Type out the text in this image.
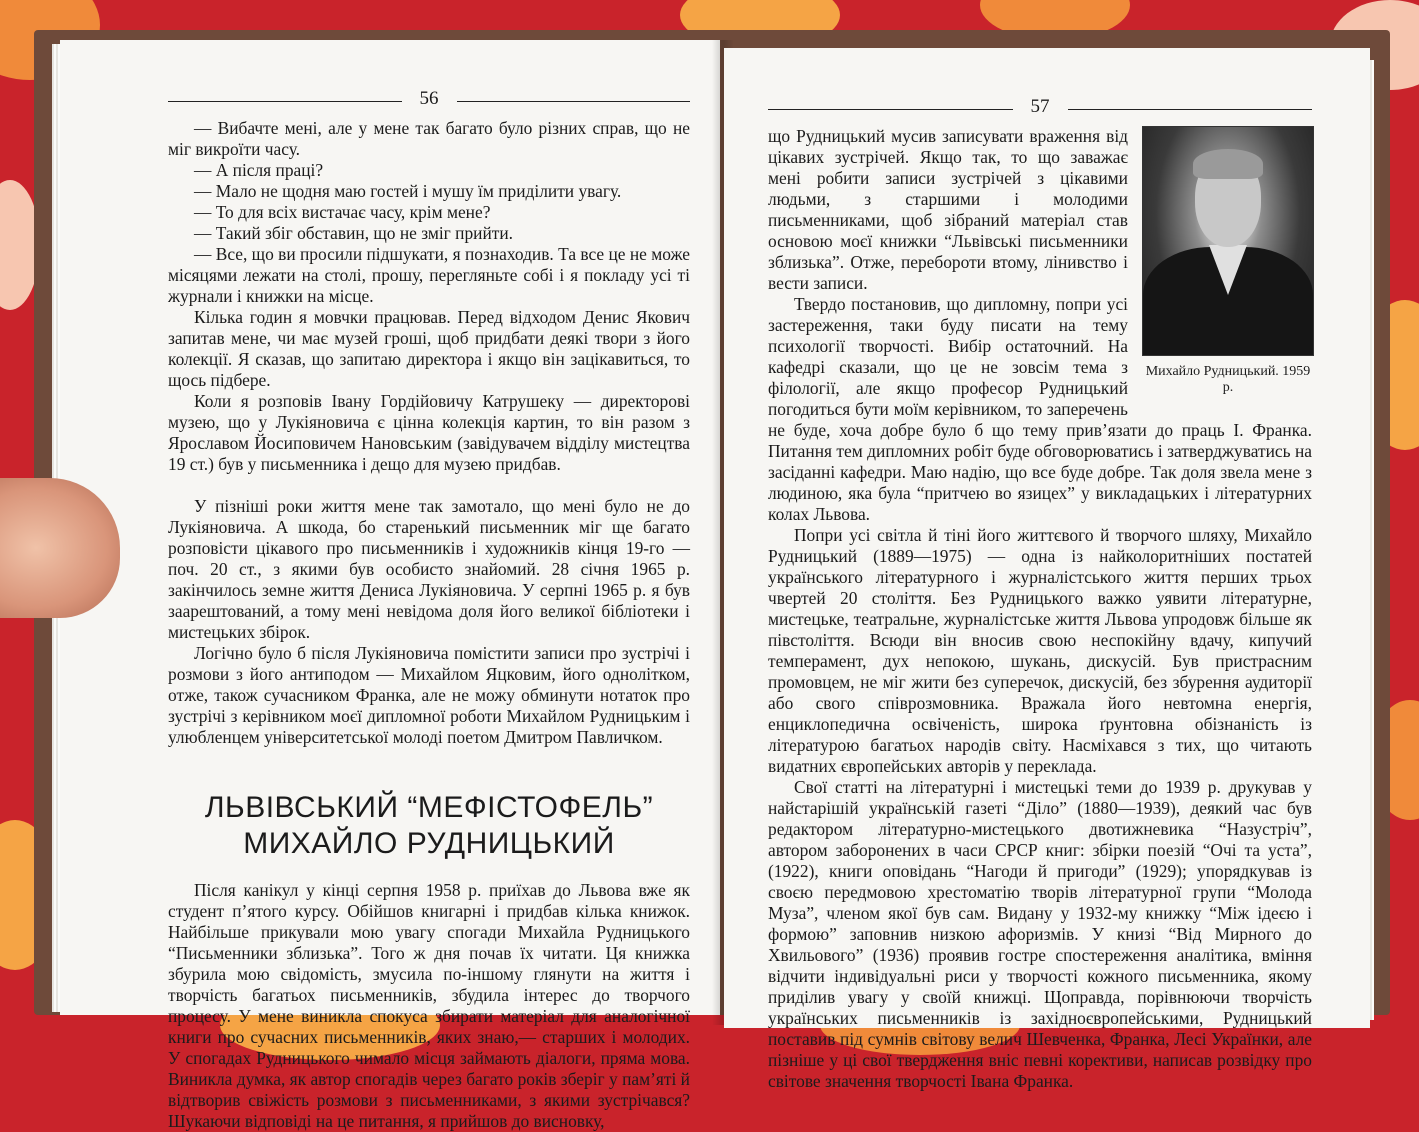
56

— Вибачте мені, але у мене так багато було різних справ, що не міг викроїти часу.

— А після праці?

— Мало не щодня маю гостей і мушу їм приділити увагу.

— То для всіх вистачає часу, крім мене?

— Такий збіг обставин, що не зміг прийти.

— Все, що ви просили підшукати, я познаходив. Та все це не може місяцями лежати на столі, прошу, перегляньте собі і я покладу усі ті журнали і книжки на місце.

Кілька годин я мовчки працював. Перед відходом Денис Якович запитав мене, чи має музей гроші, щоб придбати деякі твори з його колекції. Я сказав, що запитаю директора і якщо він зацікавиться, то щось підбере.

Коли я розповів Івану Гордійовичу Катрушеку — директорові музею, що у Лукіяновича є цінна колекція картин, то він разом з Ярославом Йосиповичем Нановським (завідувачем відділу мистецтва 19 ст.) був у письменника і дещо для музею придбав.

У пізніші роки життя мене так замотало, що мені було не до Лукіяновича. А шкода, бо старенький письменник міг ще багато розповісти цікавого про письменників і художників кінця 19-го — поч. 20 ст., з якими був особисто знайомий. 28 січня 1965 р. закінчилось земне життя Дениса Лукіяновича. У серпні 1965 р. я був заарештований, а тому мені невідома доля його великої бібліотеки і мистецьких збірок.

Логічно було б після Лукіяновича помістити записи про зустрічі і розмови з його антиподом — Михайлом Яцковим, його однолітком, отже, також сучасником Франка, але не можу обминути нотаток про зустрічі з керівником моєї дипломної роботи Михайлом Рудницьким і улюбленцем університетської молоді поетом Дмитром Павличком.

ЛЬВІВСЬКИЙ “МЕФІСТОФЕЛЬ”
МИХАЙЛО РУДНИЦЬКИЙ

Після канікул у кінці серпня 1958 р. приїхав до Львова вже як студент п’ятого курсу. Обійшов книгарні і придбав кілька книжок. Найбільше прикували мою увагу спогади Михайла Рудницького “Письменники зблизька”. Того ж дня почав їх читати. Ця книжка збурила мою свідомість, змусила по-іншому глянути на життя і творчість багатьох письменників, збудила інтерес до творчого процесу. У мене виникла спокуса збирати матеріал для аналогічної книги про сучасних письменників, яких знаю,— старших і молодих. У спогадах Рудницького чимало місця займають діалоги, пряма мова. Виникла думка, як автор спогадів через багато років зберіг у пам’яті й відтворив свіжість розмови з письменниками, з якими зустрічався? Шукаючи відповіді на це питання, я прийшов до висновку,

57
Михайло Рудницький. 1959 р.

що Рудницький мусив записувати враження від цікавих зустрічей. Якщо так, то що заважає мені робити записи зустрічей з цікавими людьми, з старшими і молодими письменниками, щоб зібраний матеріал став основою моєї книжки “Львівські письменники зблизька”. Отже, перебороти втому, лінивство і вести записи.

Твердо постановив, що дипломну, попри усі застереження, таки буду писати на тему психології творчості. Вибір остаточний. На кафедрі сказали, що це не зовсім тема з філології, але якщо професор Рудницький погодиться бути моїм керівником, то заперечень не буде, хоча добре було б що тему прив’язати до праць І. Франка. Питання тем дипломних робіт буде обговорюватись і затверджуватись на засіданні кафедри. Маю надію, що все буде добре. Так доля звела мене з людиною, яка була “притчею во язицех” у викладацьких і літературних колах Львова.

Попри усі світла й тіні його життєвого й творчого шляху, Михайло Рудницький (1889—1975) — одна із найколоритніших постатей українського літературного і журналістського життя перших трьох чвертей 20 століття. Без Рудницького важко уявити літературне, мистецьке, театральне, журналістське життя Львова упродовж більше як півстоліття. Всюди він вносив свою неспокійну вдачу, кипучий темперамент, дух непокою, шукань, дискусій. Був пристрасним промовцем, не міг жити без суперечок, дискусій, без збурення аудиторії або свого співрозмовника. Вражала його невтомна енергія, енциклопедична освіченість, широка ґрунтовна обізнаність із літературою багатьох народів світу. Насміхався з тих, що читають видатних європейських авторів у переклада.

Свої статті на літературні і мистецькі теми до 1939 р. друкував у найстарішій українській газеті “Діло” (1880—1939), деякий час був редактором літературно-мистецького двотижневика “Назустріч”, автором заборонених в часи СРСР книг: збірки поезій “Очі та уста”, (1922), книги оповідань “Нагоди й пригоди” (1929); упорядкував із своєю передмовою хрестоматію творів літературної групи “Молода Муза”, членом якої був сам. Видану у 1932-му книжку “Між ідеєю і формою” заповнив низкою афоризмів. У книзі “Від Мирного до Хвильового” (1936) проявив гостре спостереження аналітика, вміння відчити індивідуальні риси у творчості кожного письменника, якому приділив увагу у своїй книжці. Щоправда, порівнюючи творчість українських письменників із західноєвропейськими, Рудницький поставив під сумнів світову велич Шевченка, Франка, Лесі Українки, але пізніше у ці свої твердження вніс певні корективи, написав розвідку про світове значення творчості Івана Франка.
